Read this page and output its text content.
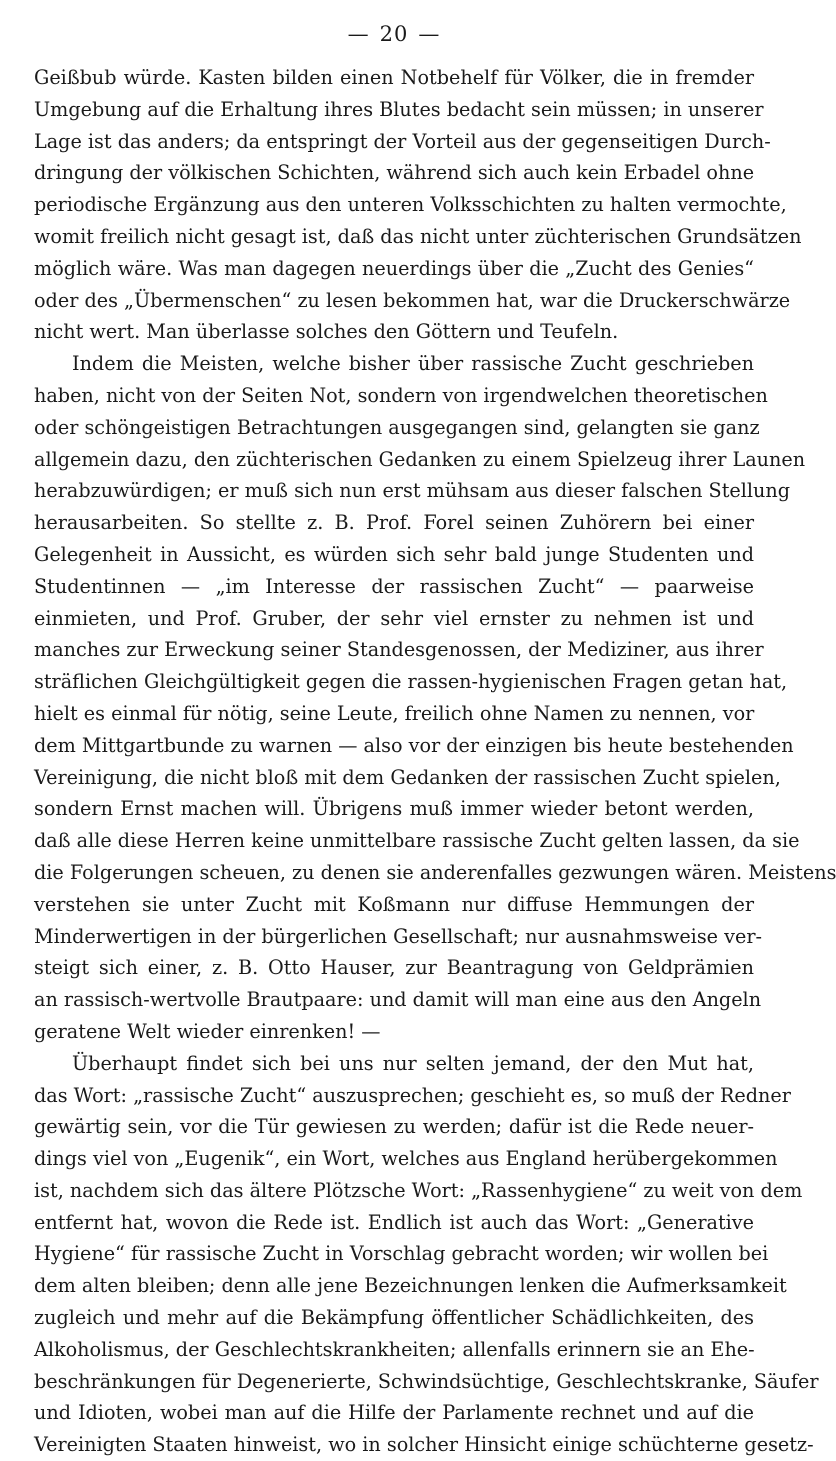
— 20 —
Geißbub würde. Kasten bilden einen Notbehelf für Völker, die in fremder
Umgebung auf die Erhaltung ihres Blutes bedacht sein müssen; in unserer
Lage ist das anders; da entspringt der Vorteil aus der gegenseitigen Durch-
dringung der völkischen Schichten, während sich auch kein Erbadel ohne
periodische Ergänzung aus den unteren Volksschichten zu halten vermochte,
womit freilich nicht gesagt ist, daß das nicht unter züchterischen Grundsätzen
möglich wäre. Was man dagegen neuerdings über die „Zucht des Genies“
oder des „Übermenschen“ zu lesen bekommen hat, war die Druckerschwärze
nicht wert. Man überlasse solches den Göttern und Teufeln.
Indem die Meisten, welche bisher über rassische Zucht geschrieben
haben, nicht von der Seiten Not, sondern von irgendwelchen theoretischen
oder schöngeistigen Betrachtungen ausgegangen sind, gelangten sie ganz
allgemein dazu, den züchterischen Gedanken zu einem Spielzeug ihrer Launen
herabzuwürdigen; er muß sich nun erst mühsam aus dieser falschen Stellung
herausarbeiten. So stellte z. B. Prof. Forel seinen Zuhörern bei einer
Gelegenheit in Aussicht, es würden sich sehr bald junge Studenten und
Studentinnen — „im Interesse der rassischen Zucht“ — paarweise
einmieten, und Prof. Gruber, der sehr viel ernster zu nehmen ist und
manches zur Erweckung seiner Standesgenossen, der Mediziner, aus ihrer
sträflichen Gleichgültigkeit gegen die rassen-hygienischen Fragen getan hat,
hielt es einmal für nötig, seine Leute, freilich ohne Namen zu nennen, vor
dem Mittgartbunde zu warnen — also vor der einzigen bis heute bestehenden
Vereinigung, die nicht bloß mit dem Gedanken der rassischen Zucht spielen,
sondern Ernst machen will. Übrigens muß immer wieder betont werden,
daß alle diese Herren keine unmittelbare rassische Zucht gelten lassen, da sie
die Folgerungen scheuen, zu denen sie anderenfalles gezwungen wären. Meistens
verstehen sie unter Zucht mit Koßmann nur diffuse Hemmungen der
Minderwertigen in der bürgerlichen Gesellschaft; nur ausnahmsweise ver-
steigt sich einer, z. B. Otto Hauser, zur Beantragung von Geldprämien
an rassisch-wertvolle Brautpaare: und damit will man eine aus den Angeln
geratene Welt wieder einrenken! —
Überhaupt findet sich bei uns nur selten jemand, der den Mut hat,
das Wort: „rassische Zucht“ auszusprechen; geschieht es, so muß der Redner
gewärtig sein, vor die Tür gewiesen zu werden; dafür ist die Rede neuer-
dings viel von „Eugenik“, ein Wort, welches aus England herübergekommen
ist, nachdem sich das ältere Plötzsche Wort: „Rassenhygiene“ zu weit von dem
entfernt hat, wovon die Rede ist. Endlich ist auch das Wort: „Generative
Hygiene“ für rassische Zucht in Vorschlag gebracht worden; wir wollen bei
dem alten bleiben; denn alle jene Bezeichnungen lenken die Aufmerksamkeit
zugleich und mehr auf die Bekämpfung öffentlicher Schädlichkeiten, des
Alkoholismus, der Geschlechtskrankheiten; allenfalls erinnern sie an Ehe-
beschränkungen für Degenerierte, Schwindsüchtige, Geschlechtskranke, Säufer
und Idioten, wobei man auf die Hilfe der Parlamente rechnet und auf die
Vereinigten Staaten hinweist, wo in solcher Hinsicht einige schüchterne gesetz-
